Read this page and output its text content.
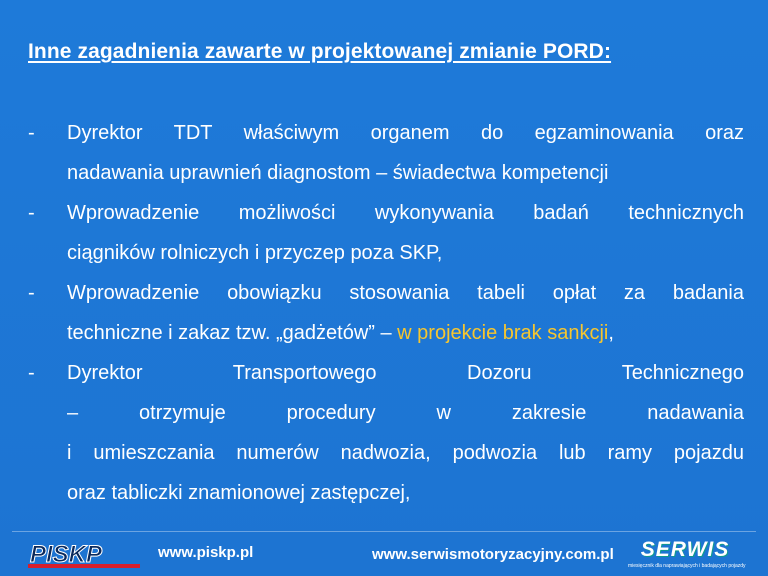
Inne zagadnienia zawarte w projektowanej zmianie PORD:
- Dyrektor TDT właściwym organem do egzaminowania oraz
nadawania uprawnień diagnostom – świadectwa kompetencji
- Wprowadzenie możliwości wykonywania badań technicznych
ciągników rolniczych i przyczep poza SKP,
- Wprowadzenie obowiązku stosowania tabeli opłat za badania
techniczne i zakaz tzw. „gadżetów” – w projekcie brak sankcji,
- Dyrektor Transportowego Dozoru Technicznego
– otrzymuje procedury w zakresie nadawania
i umieszczania numerów nadwozia, podwozia lub ramy pojazdu
oraz tabliczki znamionowej zastępczej,
PISKP	www.piskp.pl	www.serwismotoryzacyjny.com.pl	SERWIS
miesięcznik dla naprawiających i badających pojazdy
